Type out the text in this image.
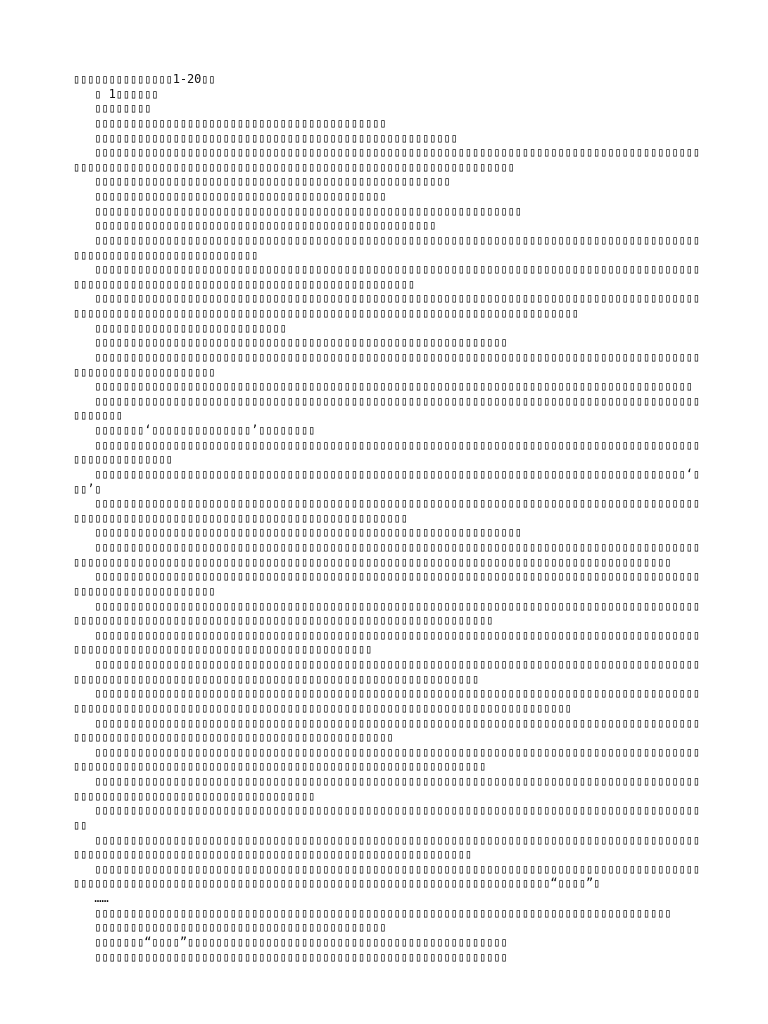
▯▯▯▯▯▯▯▯▯▯▯▯▯▯1-20▯▯
▯ 1▯▯▯▯▯▯
▯▯▯▯▯▯▯▯
▯▯▯▯▯▯▯▯▯▯▯▯▯▯▯▯▯▯▯▯▯▯▯▯▯▯▯▯▯▯▯▯▯▯▯▯▯▯▯▯▯
▯▯▯▯▯▯▯▯▯▯▯▯▯▯▯▯▯▯▯▯▯▯▯▯▯▯▯▯▯▯▯▯▯▯▯▯▯▯▯▯▯▯▯▯▯▯▯▯▯▯▯
▯▯▯▯▯▯▯▯▯▯▯▯▯▯▯▯▯▯▯▯▯▯▯▯▯▯▯▯▯▯▯▯▯▯▯▯▯▯▯▯▯▯▯▯▯▯▯▯▯▯▯▯▯▯▯▯▯▯▯▯▯▯▯▯▯▯▯▯▯▯▯▯▯▯▯▯▯▯▯▯▯▯▯▯▯▯▯▯▯▯▯▯▯▯▯▯▯▯▯▯▯▯▯▯▯▯▯▯▯▯▯▯▯▯▯▯▯▯▯▯▯▯▯▯▯▯▯▯▯▯▯▯▯▯▯▯▯▯▯▯▯▯▯▯▯▯▯
▯▯▯▯▯▯▯▯▯▯▯▯▯▯▯▯▯▯▯▯▯▯▯▯▯▯▯▯▯▯▯▯▯▯▯▯▯▯▯▯▯▯▯▯▯▯▯▯▯▯
▯▯▯▯▯▯▯▯▯▯▯▯▯▯▯▯▯▯▯▯▯▯▯▯▯▯▯▯▯▯▯▯▯▯▯▯▯▯▯▯▯
▯▯▯▯▯▯▯▯▯▯▯▯▯▯▯▯▯▯▯▯▯▯▯▯▯▯▯▯▯▯▯▯▯▯▯▯▯▯▯▯▯▯▯▯▯▯▯▯▯▯▯▯▯▯▯▯▯▯▯▯
▯▯▯▯▯▯▯▯▯▯▯▯▯▯▯▯▯▯▯▯▯▯▯▯▯▯▯▯▯▯▯▯▯▯▯▯▯▯▯▯▯▯▯▯▯▯▯▯
▯▯▯▯▯▯▯▯▯▯▯▯▯▯▯▯▯▯▯▯▯▯▯▯▯▯▯▯▯▯▯▯▯▯▯▯▯▯▯▯▯▯▯▯▯▯▯▯▯▯▯▯▯▯▯▯▯▯▯▯▯▯▯▯▯▯▯▯▯▯▯▯▯▯▯▯▯▯▯▯▯▯▯▯▯▯▯▯▯▯▯▯▯▯▯▯▯▯▯▯▯▯▯▯▯▯▯▯▯▯▯
▯▯▯▯▯▯▯▯▯▯▯▯▯▯▯▯▯▯▯▯▯▯▯▯▯▯▯▯▯▯▯▯▯▯▯▯▯▯▯▯▯▯▯▯▯▯▯▯▯▯▯▯▯▯▯▯▯▯▯▯▯▯▯▯▯▯▯▯▯▯▯▯▯▯▯▯▯▯▯▯▯▯▯▯▯▯▯▯▯▯▯▯▯▯▯▯▯▯▯▯▯▯▯▯▯▯▯▯▯▯▯▯▯▯▯▯▯▯▯▯▯▯▯▯▯▯▯▯▯▯▯▯▯
▯▯▯▯▯▯▯▯▯▯▯▯▯▯▯▯▯▯▯▯▯▯▯▯▯▯▯▯▯▯▯▯▯▯▯▯▯▯▯▯▯▯▯▯▯▯▯▯▯▯▯▯▯▯▯▯▯▯▯▯▯▯▯▯▯▯▯▯▯▯▯▯▯▯▯▯▯▯▯▯▯▯▯▯▯▯▯▯▯▯▯▯▯▯▯▯▯▯▯▯▯▯▯▯▯▯▯▯▯▯▯▯▯▯▯▯▯▯▯▯▯▯▯▯▯▯▯▯▯▯▯▯▯▯▯▯▯▯▯▯▯▯▯▯▯▯▯▯▯▯▯▯▯▯▯▯
▯▯▯▯▯▯▯▯▯▯▯▯▯▯▯▯▯▯▯▯▯▯▯▯▯▯▯
▯▯▯▯▯▯▯▯▯▯▯▯▯▯▯▯▯▯▯▯▯▯▯▯▯▯▯▯▯▯▯▯▯▯▯▯▯▯▯▯▯▯▯▯▯▯▯▯▯▯▯▯▯▯▯▯▯▯
▯▯▯▯▯▯▯▯▯▯▯▯▯▯▯▯▯▯▯▯▯▯▯▯▯▯▯▯▯▯▯▯▯▯▯▯▯▯▯▯▯▯▯▯▯▯▯▯▯▯▯▯▯▯▯▯▯▯▯▯▯▯▯▯▯▯▯▯▯▯▯▯▯▯▯▯▯▯▯▯▯▯▯▯▯▯▯▯▯▯▯▯▯▯▯▯▯▯▯▯▯▯▯▯▯
▯▯▯▯▯▯▯▯▯▯▯▯▯▯▯▯▯▯▯▯▯▯▯▯▯▯▯▯▯▯▯▯▯▯▯▯▯▯▯▯▯▯▯▯▯▯▯▯▯▯▯▯▯▯▯▯▯▯▯▯▯▯▯▯▯▯▯▯▯▯▯▯▯▯▯▯▯▯▯▯▯▯▯▯
▯▯▯▯▯▯▯▯▯▯▯▯▯▯▯▯▯▯▯▯▯▯▯▯▯▯▯▯▯▯▯▯▯▯▯▯▯▯▯▯▯▯▯▯▯▯▯▯▯▯▯▯▯▯▯▯▯▯▯▯▯▯▯▯▯▯▯▯▯▯▯▯▯▯▯▯▯▯▯▯▯▯▯▯▯▯▯▯▯▯▯▯
▯▯▯▯▯▯▯‘▯▯▯▯▯▯▯▯▯▯▯▯▯▯’▯▯▯▯▯▯▯▯
▯▯▯▯▯▯▯▯▯▯▯▯▯▯▯▯▯▯▯▯▯▯▯▯▯▯▯▯▯▯▯▯▯▯▯▯▯▯▯▯▯▯▯▯▯▯▯▯▯▯▯▯▯▯▯▯▯▯▯▯▯▯▯▯▯▯▯▯▯▯▯▯▯▯▯▯▯▯▯▯▯▯▯▯▯▯▯▯▯▯▯▯▯▯▯▯▯▯▯
▯▯▯▯▯▯▯▯▯▯▯▯▯▯▯▯▯▯▯▯▯▯▯▯▯▯▯▯▯▯▯▯▯▯▯▯▯▯▯▯▯▯▯▯▯▯▯▯▯▯▯▯▯▯▯▯▯▯▯▯▯▯▯▯▯▯▯▯▯▯▯▯▯▯▯▯▯▯▯▯▯▯▯‘▯▯▯’▯
▯▯▯▯▯▯▯▯▯▯▯▯▯▯▯▯▯▯▯▯▯▯▯▯▯▯▯▯▯▯▯▯▯▯▯▯▯▯▯▯▯▯▯▯▯▯▯▯▯▯▯▯▯▯▯▯▯▯▯▯▯▯▯▯▯▯▯▯▯▯▯▯▯▯▯▯▯▯▯▯▯▯▯▯▯▯▯▯▯▯▯▯▯▯▯▯▯▯▯▯▯▯▯▯▯▯▯▯▯▯▯▯▯▯▯▯▯▯▯▯▯▯▯▯▯▯▯▯▯▯▯▯
▯▯▯▯▯▯▯▯▯▯▯▯▯▯▯▯▯▯▯▯▯▯▯▯▯▯▯▯▯▯▯▯▯▯▯▯▯▯▯▯▯▯▯▯▯▯▯▯▯▯▯▯▯▯▯▯▯▯▯▯
▯▯▯▯▯▯▯▯▯▯▯▯▯▯▯▯▯▯▯▯▯▯▯▯▯▯▯▯▯▯▯▯▯▯▯▯▯▯▯▯▯▯▯▯▯▯▯▯▯▯▯▯▯▯▯▯▯▯▯▯▯▯▯▯▯▯▯▯▯▯▯▯▯▯▯▯▯▯▯▯▯▯▯▯▯▯▯▯▯▯▯▯▯▯▯▯▯▯▯▯▯▯▯▯▯▯▯▯▯▯▯▯▯▯▯▯▯▯▯▯▯▯▯▯▯▯▯▯▯▯▯▯▯▯▯▯▯▯▯▯▯▯▯▯▯▯▯▯▯▯▯▯▯▯▯▯▯▯▯▯▯▯▯▯▯▯▯▯▯
▯▯▯▯▯▯▯▯▯▯▯▯▯▯▯▯▯▯▯▯▯▯▯▯▯▯▯▯▯▯▯▯▯▯▯▯▯▯▯▯▯▯▯▯▯▯▯▯▯▯▯▯▯▯▯▯▯▯▯▯▯▯▯▯▯▯▯▯▯▯▯▯▯▯▯▯▯▯▯▯▯▯▯▯▯▯▯▯▯▯▯▯▯▯▯▯▯▯▯▯▯▯▯▯▯
▯▯▯▯▯▯▯▯▯▯▯▯▯▯▯▯▯▯▯▯▯▯▯▯▯▯▯▯▯▯▯▯▯▯▯▯▯▯▯▯▯▯▯▯▯▯▯▯▯▯▯▯▯▯▯▯▯▯▯▯▯▯▯▯▯▯▯▯▯▯▯▯▯▯▯▯▯▯▯▯▯▯▯▯▯▯▯▯▯▯▯▯▯▯▯▯▯▯▯▯▯▯▯▯▯▯▯▯▯▯▯▯▯▯▯▯▯▯▯▯▯▯▯▯▯▯▯▯▯▯▯▯▯▯▯▯▯▯▯▯▯▯▯▯
▯▯▯▯▯▯▯▯▯▯▯▯▯▯▯▯▯▯▯▯▯▯▯▯▯▯▯▯▯▯▯▯▯▯▯▯▯▯▯▯▯▯▯▯▯▯▯▯▯▯▯▯▯▯▯▯▯▯▯▯▯▯▯▯▯▯▯▯▯▯▯▯▯▯▯▯▯▯▯▯▯▯▯▯▯▯▯▯▯▯▯▯▯▯▯▯▯▯▯▯▯▯▯▯▯▯▯▯▯▯▯▯▯▯▯▯▯▯▯▯▯▯▯▯▯▯▯
▯▯▯▯▯▯▯▯▯▯▯▯▯▯▯▯▯▯▯▯▯▯▯▯▯▯▯▯▯▯▯▯▯▯▯▯▯▯▯▯▯▯▯▯▯▯▯▯▯▯▯▯▯▯▯▯▯▯▯▯▯▯▯▯▯▯▯▯▯▯▯▯▯▯▯▯▯▯▯▯▯▯▯▯▯▯▯▯▯▯▯▯▯▯▯▯▯▯▯▯▯▯▯▯▯▯▯▯▯▯▯▯▯▯▯▯▯▯▯▯▯▯▯▯▯▯▯▯▯▯▯▯▯▯▯▯▯▯▯▯▯▯
▯▯▯▯▯▯▯▯▯▯▯▯▯▯▯▯▯▯▯▯▯▯▯▯▯▯▯▯▯▯▯▯▯▯▯▯▯▯▯▯▯▯▯▯▯▯▯▯▯▯▯▯▯▯▯▯▯▯▯▯▯▯▯▯▯▯▯▯▯▯▯▯▯▯▯▯▯▯▯▯▯▯▯▯▯▯▯▯▯▯▯▯▯▯▯▯▯▯▯▯▯▯▯▯▯▯▯▯▯▯▯▯▯▯▯▯▯▯▯▯▯▯▯▯▯▯▯▯▯▯▯▯▯▯▯▯▯▯▯▯▯▯▯▯▯▯▯▯▯▯▯▯▯▯▯
▯▯▯▯▯▯▯▯▯▯▯▯▯▯▯▯▯▯▯▯▯▯▯▯▯▯▯▯▯▯▯▯▯▯▯▯▯▯▯▯▯▯▯▯▯▯▯▯▯▯▯▯▯▯▯▯▯▯▯▯▯▯▯▯▯▯▯▯▯▯▯▯▯▯▯▯▯▯▯▯▯▯▯▯▯▯▯▯▯▯▯▯▯▯▯▯▯▯▯▯▯▯▯▯▯▯▯▯▯▯▯▯▯▯▯▯▯▯▯▯▯▯▯▯▯▯▯▯▯▯
▯▯▯▯▯▯▯▯▯▯▯▯▯▯▯▯▯▯▯▯▯▯▯▯▯▯▯▯▯▯▯▯▯▯▯▯▯▯▯▯▯▯▯▯▯▯▯▯▯▯▯▯▯▯▯▯▯▯▯▯▯▯▯▯▯▯▯▯▯▯▯▯▯▯▯▯▯▯▯▯▯▯▯▯▯▯▯▯▯▯▯▯▯▯▯▯▯▯▯▯▯▯▯▯▯▯▯▯▯▯▯▯▯▯▯▯▯▯▯▯▯▯▯▯▯▯▯▯▯▯▯▯▯▯▯▯▯▯▯▯▯▯▯
▯▯▯▯▯▯▯▯▯▯▯▯▯▯▯▯▯▯▯▯▯▯▯▯▯▯▯▯▯▯▯▯▯▯▯▯▯▯▯▯▯▯▯▯▯▯▯▯▯▯▯▯▯▯▯▯▯▯▯▯▯▯▯▯▯▯▯▯▯▯▯▯▯▯▯▯▯▯▯▯▯▯▯▯▯▯▯▯▯▯▯▯▯▯▯▯▯▯▯▯▯▯▯▯▯▯▯▯▯▯▯▯▯▯▯▯▯▯▯
▯▯▯▯▯▯▯▯▯▯▯▯▯▯▯▯▯▯▯▯▯▯▯▯▯▯▯▯▯▯▯▯▯▯▯▯▯▯▯▯▯▯▯▯▯▯▯▯▯▯▯▯▯▯▯▯▯▯▯▯▯▯▯▯▯▯▯▯▯▯▯▯▯▯▯▯▯▯▯▯▯▯▯▯▯▯▯
▯▯▯▯▯▯▯▯▯▯▯▯▯▯▯▯▯▯▯▯▯▯▯▯▯▯▯▯▯▯▯▯▯▯▯▯▯▯▯▯▯▯▯▯▯▯▯▯▯▯▯▯▯▯▯▯▯▯▯▯▯▯▯▯▯▯▯▯▯▯▯▯▯▯▯▯▯▯▯▯▯▯▯▯▯▯▯▯▯▯▯▯▯▯▯▯▯▯▯▯▯▯▯▯▯▯▯▯▯▯▯▯▯▯▯▯▯▯▯▯▯▯▯▯▯▯▯▯▯▯▯▯▯▯▯▯▯▯▯▯▯
▯▯▯▯▯▯▯▯▯▯▯▯▯▯▯▯▯▯▯▯▯▯▯▯▯▯▯▯▯▯▯▯▯▯▯▯▯▯▯▯▯▯▯▯▯▯▯▯▯▯▯▯▯▯▯▯▯▯▯▯▯▯▯▯▯▯▯▯▯▯▯▯▯▯▯▯▯▯▯▯▯▯▯▯▯▯▯▯▯▯▯▯▯▯▯▯▯▯▯▯▯▯▯▯▯▯▯▯▯▯▯▯▯▯▯▯▯▯▯▯▯▯▯▯▯▯▯▯▯▯▯▯▯▯▯▯▯▯▯▯▯▯▯▯▯▯▯▯▯▯▯▯“▯▯▯▯”▯
……
▯▯▯▯▯▯▯▯▯▯▯▯▯▯▯▯▯▯▯▯▯▯▯▯▯▯▯▯▯▯▯▯▯▯▯▯▯▯▯▯▯▯▯▯▯▯▯▯▯▯▯▯▯▯▯▯▯▯▯▯▯▯▯▯▯▯▯▯▯▯▯▯▯▯▯▯▯▯▯▯▯
▯▯▯▯▯▯▯▯▯▯▯▯▯▯▯▯▯▯▯▯▯▯▯▯▯▯▯▯▯▯▯▯▯▯▯▯▯▯▯▯▯
▯▯▯▯▯▯▯“▯▯▯▯”▯▯▯▯▯▯▯▯▯▯▯▯▯▯▯▯▯▯▯▯▯▯▯▯▯▯▯▯▯▯▯▯▯▯▯▯▯▯▯▯▯▯▯▯▯
▯▯▯▯▯▯▯▯▯▯▯▯▯▯▯▯▯▯▯▯▯▯▯▯▯▯▯▯▯▯▯▯▯▯▯▯▯▯▯▯▯▯▯▯▯▯▯▯▯▯▯▯▯▯▯▯▯▯
